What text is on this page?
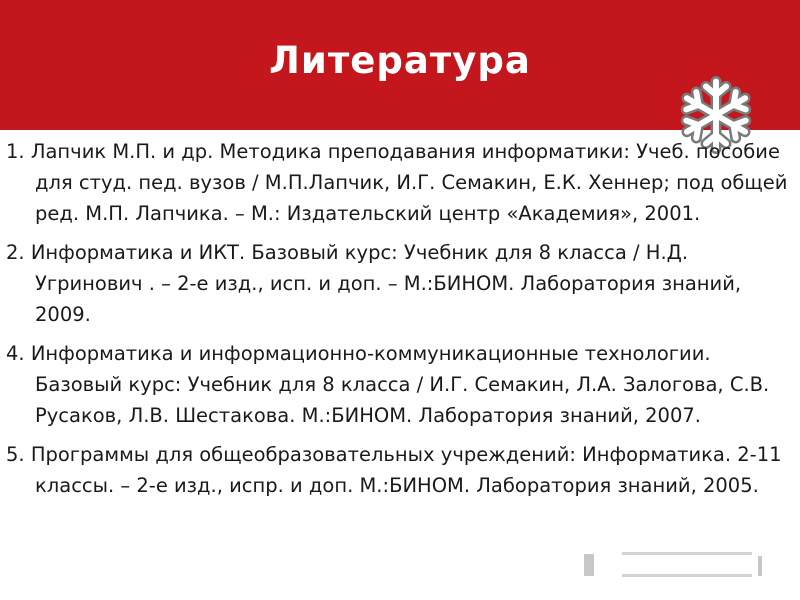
Литература

1. Лапчик М.П. и др. Методика преподавания информатики: Учеб. пособие для студ. пед. вузов / М.П.Лапчик, И.Г. Семакин, Е.К. Хеннер; под общей ред. М.П. Лапчика. – М.: Издательский центр «Академия», 2001.

2. Информатика и ИКТ. Базовый курс: Учебник для 8 класса / Н.Д. Угринович . – 2-е изд., исп. и доп. – М.:БИНОМ. Лаборатория знаний, 2009.

4. Информатика и информационно-коммуникационные технологии. Базовый курс: Учебник для 8 класса / И.Г. Семакин, Л.А. Залогова, С.В. Русаков, Л.В. Шестакова. М.:БИНОМ. Лаборатория знаний, 2007.

5. Программы для общеобразовательных учреждений: Информатика. 2-11 классы. – 2-е изд., испр. и доп. М.:БИНОМ. Лаборатория знаний, 2005.
